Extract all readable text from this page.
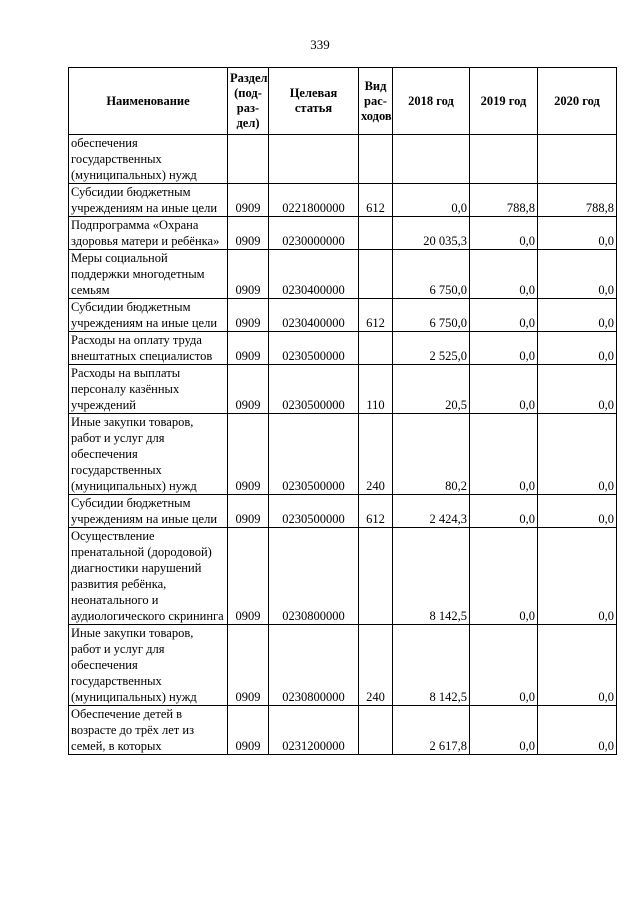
339
Наименование	Раздел (под-раз-дел)	Целевая статья	Вид рас-ходов	2018 год	2019 год	2020 год
обеспечения государственных (муниципальных) нужд						
Субсидии бюджетным учреждениям на иные цели	0909	0221800000	612	0,0	788,8	788,8
Подпрограмма «Охрана здоровья матери и ребёнка»	0909	0230000000		20 035,3	0,0	0,0
Меры социальной поддержки многодетным семьям	0909	0230400000		6 750,0	0,0	0,0
Субсидии бюджетным учреждениям на иные цели	0909	0230400000	612	6 750,0	0,0	0,0
Расходы на оплату труда внештатных специалистов	0909	0230500000		2 525,0	0,0	0,0
Расходы на выплаты персоналу казённых учреждений	0909	0230500000	110	20,5	0,0	0,0
Иные закупки товаров, работ и услуг для обеспечения государственных (муниципальных) нужд	0909	0230500000	240	80,2	0,0	0,0
Субсидии бюджетным учреждениям на иные цели	0909	0230500000	612	2 424,3	0,0	0,0
Осуществление пренатальной (дородовой) диагностики нарушений развития ребёнка, неонатального и аудиологического скрининга	0909	0230800000		8 142,5	0,0	0,0
Иные закупки товаров, работ и услуг для обеспечения государственных (муниципальных) нужд	0909	0230800000	240	8 142,5	0,0	0,0
Обеспечение детей в возрасте до трёх лет из семей, в которых	0909	0231200000		2 617,8	0,0	0,0
